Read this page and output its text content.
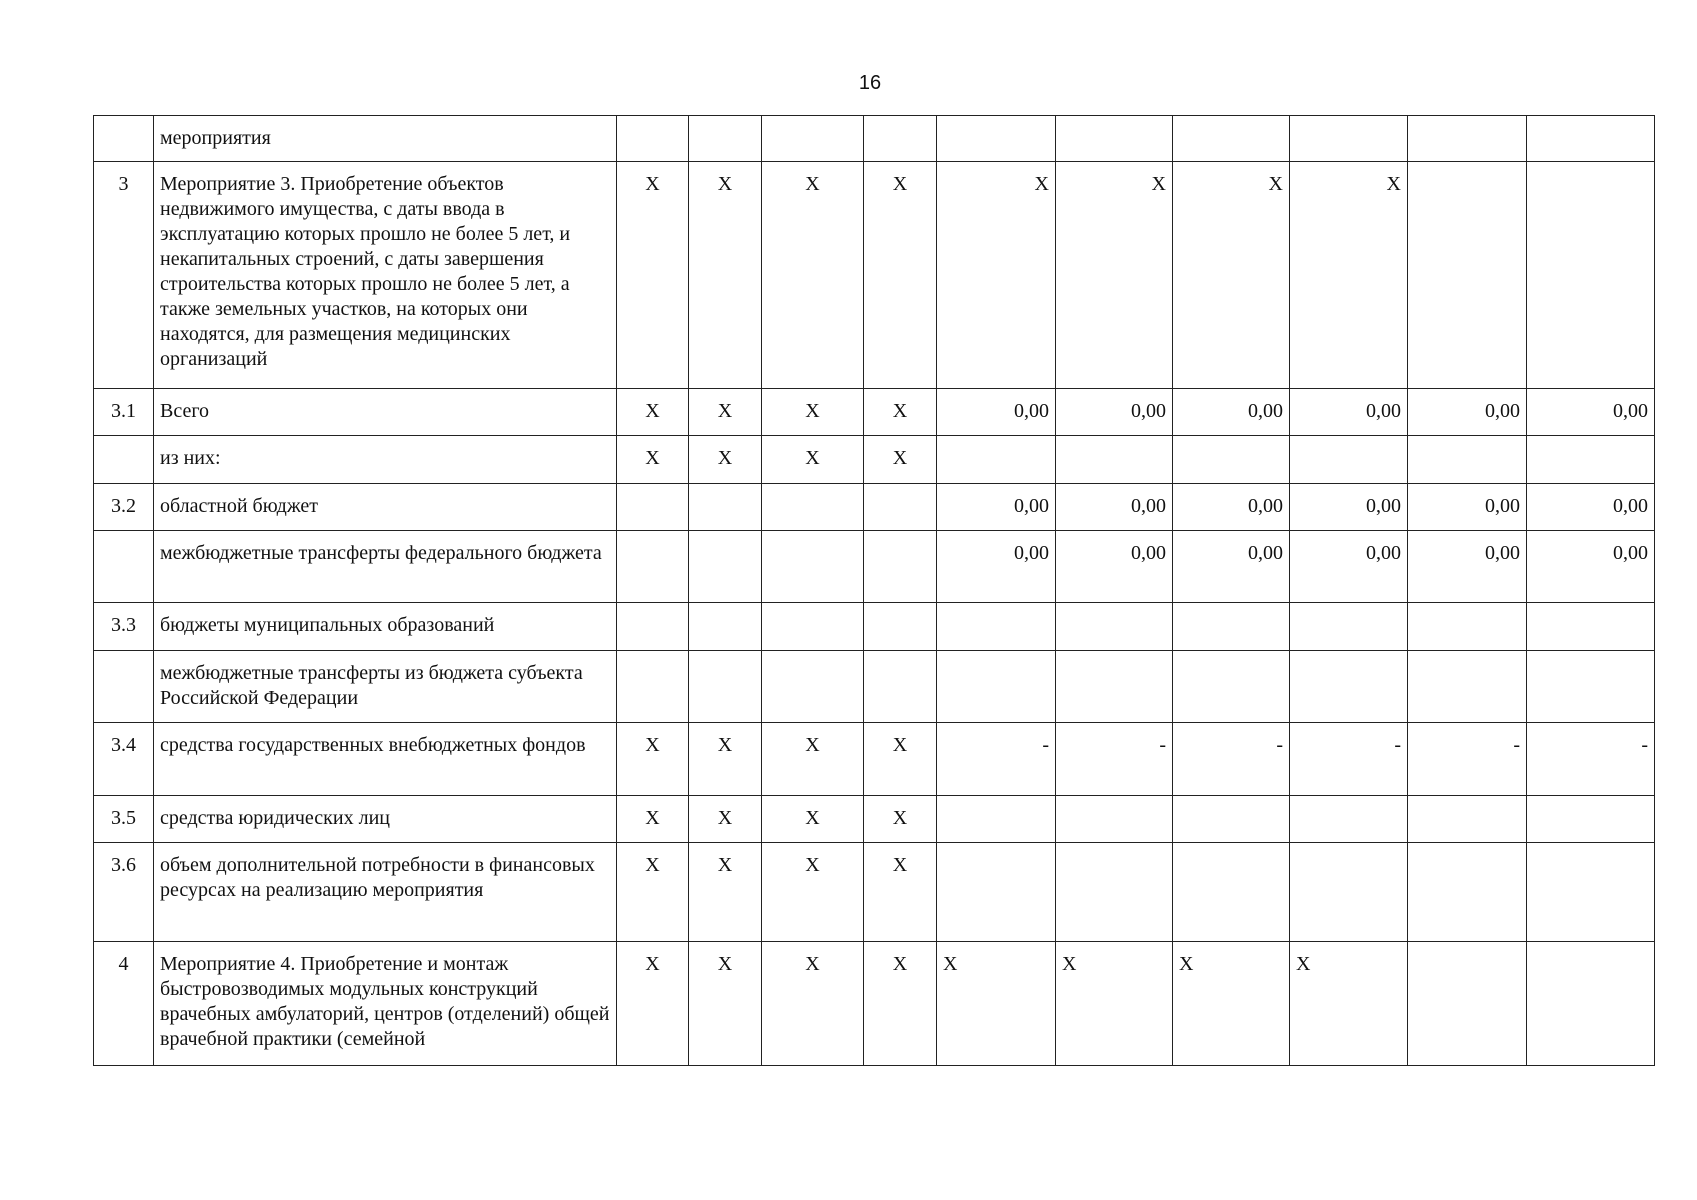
16
	мероприятия										
3	Мероприятие 3. Приобретение объектов недвижимого имущества, с даты ввода в эксплуатацию которых прошло не более 5 лет, и некапитальных строений, с даты завершения строительства которых прошло не более 5 лет, а также земельных участков, на которых они находятся, для размещения медицинских организаций	X	X	X	X	X	X	X	X		
3.1	Всего	X	X	X	X	0,00	0,00	0,00	0,00	0,00	0,00
	из них:	X	X	X	X						
3.2	областной бюджет					0,00	0,00	0,00	0,00	0,00	0,00
	межбюджетные трансферты федерального бюджета					0,00	0,00	0,00	0,00	0,00	0,00
3.3	бюджеты муниципальных образований										
	межбюджетные трансферты из бюджета субъекта Российской Федерации										
3.4	средства государственных внебюджетных фондов	X	X	X	X	-	-	-	-	-	-
3.5	средства юридических лиц	X	X	X	X						
3.6	объем дополнительной потребности в финансовых ресурсах на реализацию мероприятия	X	X	X	X						
4	Мероприятие 4. Приобретение и монтаж быстровозводимых модульных конструкций врачебных амбулаторий, центров (отделений) общей врачебной практики (семейной	X	X	X	X	X	X	X	X		
